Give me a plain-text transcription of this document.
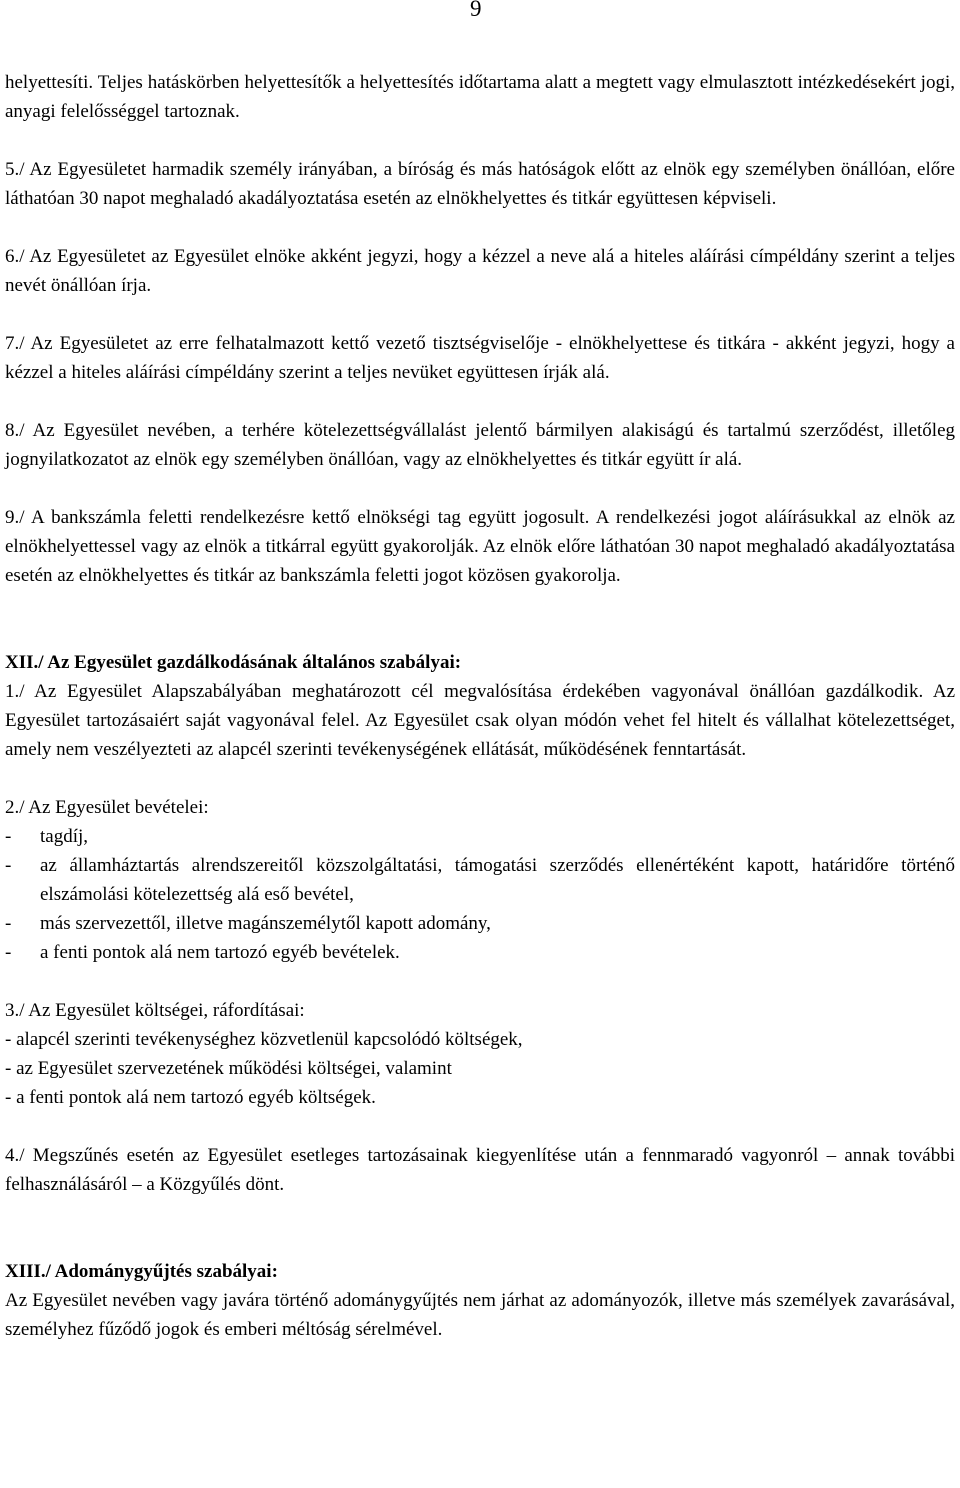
9

helyettesíti. Teljes hatáskörben helyettesítők a helyettesítés időtartama alatt a megtett vagy elmulasztott intézkedésekért jogi, anyagi felelősséggel tartoznak.

5./ Az Egyesületet harmadik személy irányában, a bíróság és más hatóságok előtt az elnök egy személyben önállóan, előre láthatóan 30 napot meghaladó akadályoztatása esetén az elnökhelyettes és titkár együttesen képviseli.

6./ Az Egyesületet az Egyesület elnöke akként jegyzi, hogy a kézzel a neve alá a hiteles aláírási címpéldány szerint a teljes nevét önállóan írja.

7./ Az Egyesületet az erre felhatalmazott kettő vezető tisztségviselője - elnökhelyettese és titkára - akként jegyzi, hogy a kézzel a hiteles aláírási címpéldány szerint a teljes nevüket együttesen írják alá.

8./ Az Egyesület nevében, a terhére kötelezettségvállalást jelentő bármilyen alakiságú és tartalmú szerződést, illetőleg jognyilatkozatot az elnök egy személyben önállóan, vagy az elnökhelyettes és titkár együtt ír alá.

9./ A bankszámla feletti rendelkezésre kettő elnökségi tag együtt jogosult. A rendelkezési jogot aláírásukkal az elnök az elnökhelyettessel vagy az elnök a titkárral együtt gyakorolják. Az elnök előre láthatóan 30 napot meghaladó akadályoztatása esetén az elnökhelyettes és titkár az bankszámla feletti jogot közösen gyakorolja.

XII./ Az Egyesület gazdálkodásának általános szabályai:

1./ Az Egyesület Alapszabályában meghatározott cél megvalósítása érdekében vagyonával önállóan gazdálkodik. Az Egyesület tartozásaiért saját vagyonával felel. Az Egyesület csak olyan módón vehet fel hitelt és vállalhat kötelezettséget, amely nem veszélyezteti az alapcél szerinti tevékenységének ellátását, működésének fenntartását.

2./ Az Egyesület bevételei:

- tagdíj,
- az államháztartás alrendszereitől közszolgáltatási, támogatási szerződés ellenértéként kapott, határidőre történő elszámolási kötelezettség alá eső bevétel,
- más szervezettől, illetve magánszemélytől kapott adomány,
- a fenti pontok alá nem tartozó egyéb bevételek.

3./ Az Egyesület költségei, ráfordításai:

- alapcél szerinti tevékenységhez közvetlenül kapcsolódó költségek,

- az Egyesület szervezetének működési költségei, valamint

- a fenti pontok alá nem tartozó egyéb költségek.

4./ Megszűnés esetén az Egyesület esetleges tartozásainak kiegyenlítése után a fennmaradó vagyonról – annak további felhasználásáról – a Közgyűlés dönt.

XIII./ Adománygyűjtés szabályai:

Az Egyesület nevében vagy javára történő adománygyűjtés nem járhat az adományozók, illetve más személyek zavarásával, személyhez fűződő jogok és emberi méltóság sérelmével.
